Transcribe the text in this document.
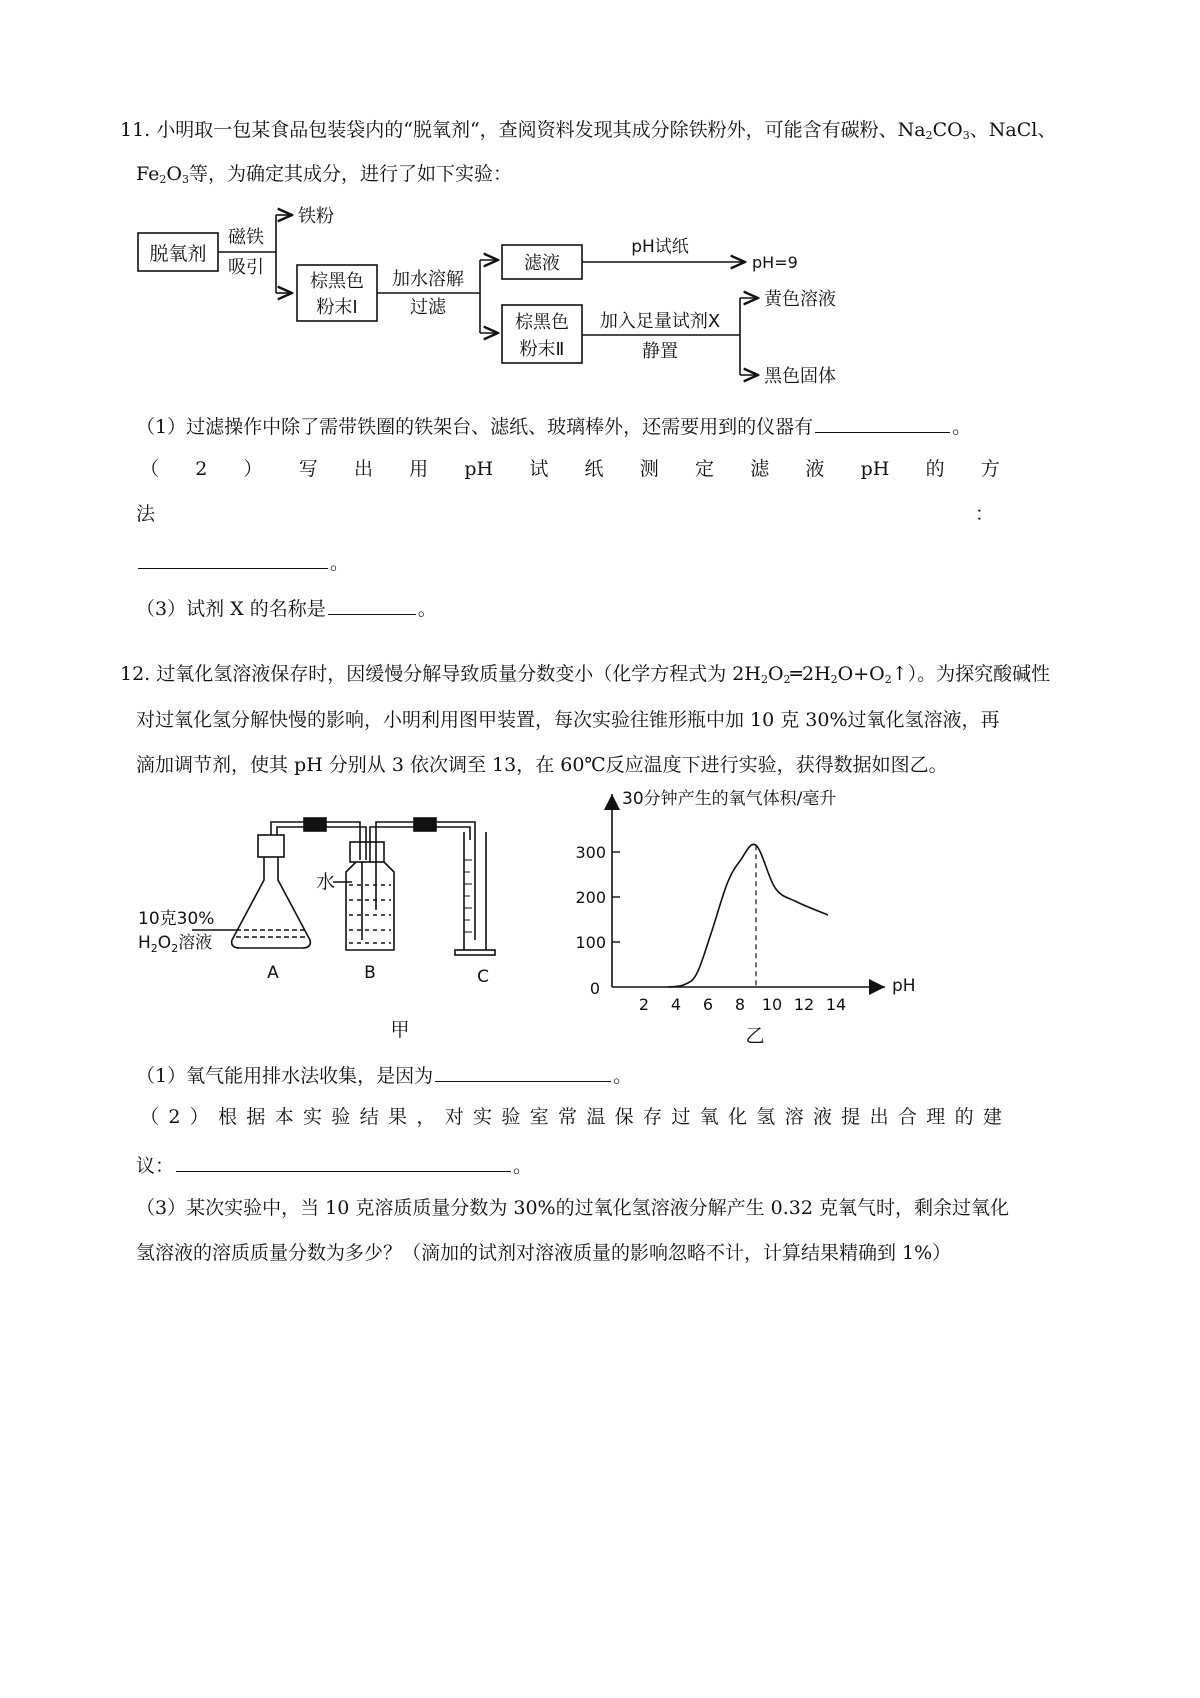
11. 小明取一包某食品包装袋内的“脱氧剂“，查阅资料发现其成分除铁粉外，可能含有碳粉、$Na_2CO_3$、NaCl、
$Fe_2O_3$等，为确定其成分，进行了如下实验：
脱氧剂
磁铁
吸引
铁粉
棕黑色
粉末Ⅰ
加水溶解
过滤
滤液
pH试纸
pH=9
棕黑色
粉末Ⅱ
加入足量试剂X
静置
黄色溶液
黑色固体
（1）过滤操作中除了需带铁圈的铁架台、滤纸、玻璃棒外，还需要用到的仪器有	。
（ 2 ） 写 出 用 pH 试 纸 测 定 滤 液 pH 的 方
法	：
。
（3）试剂 X 的名称是	。
12. 过氧化氢溶液保存时，因缓慢分解导致质量分数变小（化学方程式为 $2H_2O_2═2H_2O+O_2↑$）。为探究酸碱性
对过氧化氢分解快慢的影响，小明利用图甲装置，每次实验往锥形瓶中加 10 克 30%过氧化氢溶液，再
滴加调节剂，使其 pH 分别从 3 依次调至 13，在 60℃反应温度下进行实验，获得数据如图乙。
水
10克30%
$H_2O_2$溶液
A	B	C
甲
30分钟产生的氧气体积/毫升
pH
0
2 4 6 8 10 12 14
100
200
300
乙
（1）氧气能用排水法收集，是因为	。
（ 2 ） 根 据 本 实 验 结 果 ， 对 实 验 室 常 温 保 存 过 氧 化 氢 溶 液 提 出 合 理 的 建
议：	。
（3）某次实验中，当 10 克溶质质量分数为 30%的过氧化氢溶液分解产生 0.32 克氧气时，剩余过氧化
氢溶液的溶质质量分数为多少？（滴加的试剂对溶液质量的影响忽略不计，计算结果精确到 1%）
